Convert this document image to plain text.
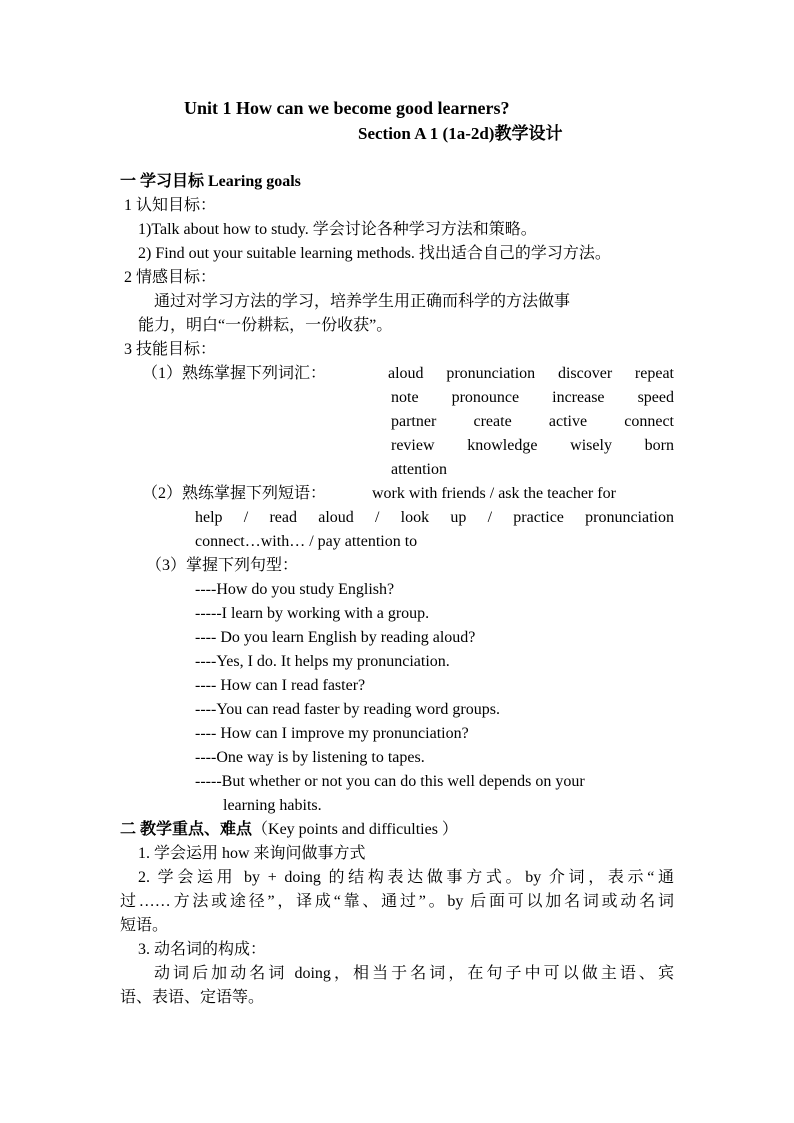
Unit 1 How can we become good learners?
Section A 1 (1a-2d)教学设计
一 学习目标 Learing goals
1 认知目标：
1)Talk about how to study. 学会讨论各种学习方法和策略。
2) Find out your suitable learning methods. 找出适合自己的学习方法。
2 情感目标：
通过对学习方法的学习，培养学生用正确而科学的方法做事
能力，明白“一份耕耘，一份收获”。
3 技能目标：
（1）熟练掌握下列词汇：	aloud pronunciation discover repeat
note pronounce increase speed
partner create active connect
review knowledge wisely born
attention
（2）熟练掌握下列短语：	work with friends / ask the teacher for
help / read aloud / look up / practice pronunciation
connect…with… / pay attention to
（3）掌握下列句型：
----How do you study English?
-----I learn by working with a group.
---- Do you learn English by reading aloud?
----Yes, I do. It helps my pronunciation.
---- How can I read faster?
----You can read faster by reading word groups.
---- How can I improve my pronunciation?
----One way is by listening to tapes.
-----But whether or not you can do this well depends on your
learning habits.
二 教学重点、难点（Key points and difficulties ）
1. 学会运用 how 来询问做事方式
2. 学会运用 by + doing 的结构表达做事方式。by 介词，表示“通
过……方法或途径”，译成“靠、通过”。by 后面可以加名词或动名词
短语。
3. 动名词的构成：
动词后加动名词 doing，相当于名词，在句子中可以做主语、宾
语、表语、定语等。
